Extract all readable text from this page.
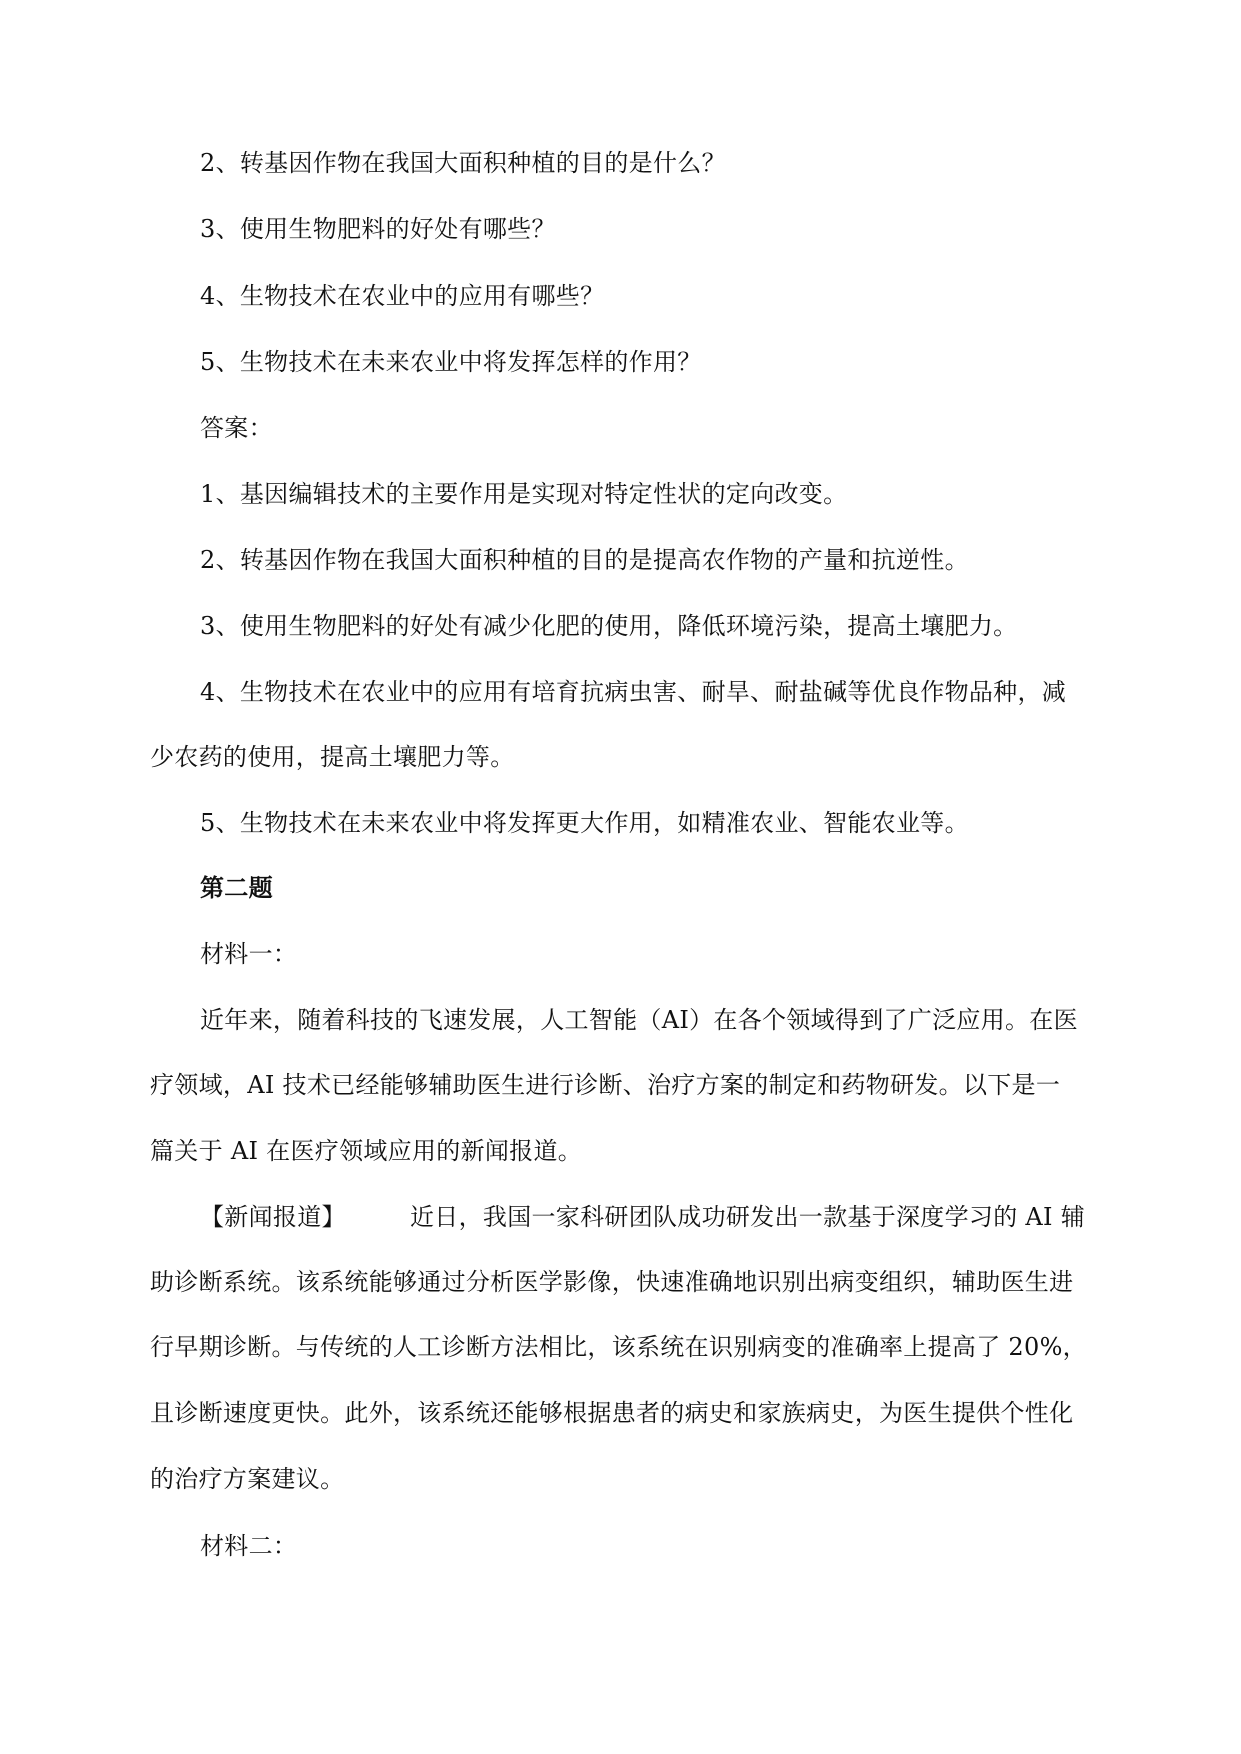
2、转基因作物在我国大面积种植的目的是什么？
3、使用生物肥料的好处有哪些？
4、生物技术在农业中的应用有哪些？
5、生物技术在未来农业中将发挥怎样的作用？
答案：
1、基因编辑技术的主要作用是实现对特定性状的定向改变。
2、转基因作物在我国大面积种植的目的是提高农作物的产量和抗逆性。
3、使用生物肥料的好处有减少化肥的使用，降低环境污染，提高土壤肥力。
4、生物技术在农业中的应用有培育抗病虫害、耐旱、耐盐碱等优良作物品种，减
少农药的使用，提高土壤肥力等。
5、生物技术在未来农业中将发挥更大作用，如精准农业、智能农业等。
第二题
材料一：
近年来，随着科技的飞速发展，人工智能（AI）在各个领域得到了广泛应用。在医
疗领域，AI 技术已经能够辅助医生进行诊断、治疗方案的制定和药物研发。以下是一
篇关于 AI 在医疗领域应用的新闻报道。
【新闻报道】	近日，我国一家科研团队成功研发出一款基于深度学习的 AI 辅
助诊断系统。该系统能够通过分析医学影像，快速准确地识别出病变组织，辅助医生进
行早期诊断。与传统的人工诊断方法相比，该系统在识别病变的准确率上提高了 20%，
且诊断速度更快。此外，该系统还能够根据患者的病史和家族病史，为医生提供个性化
的治疗方案建议。
材料二：
